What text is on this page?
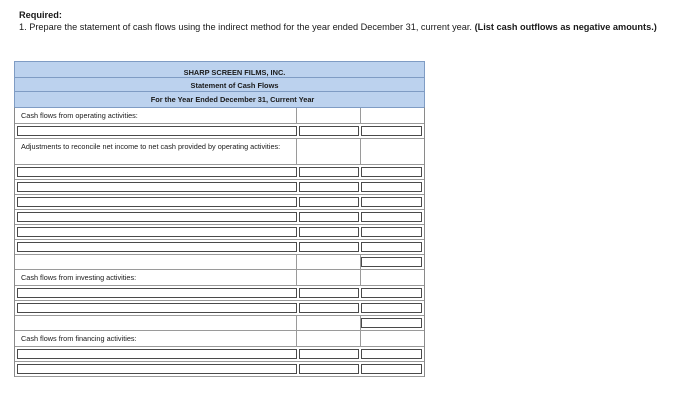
Required:
1. Prepare the statement of cash flows using the indirect method for the year ended December 31, current year. (List cash outflows as negative amounts.)
SHARP SCREEN FILMS, INC.
Statement of Cash Flows
For the Year Ended December 31, Current Year
Cash flows from operating activities:
Adjustments to reconcile net income to net cash provided by operating activities:
Cash flows from investing activities:
Cash flows from financing activities:
